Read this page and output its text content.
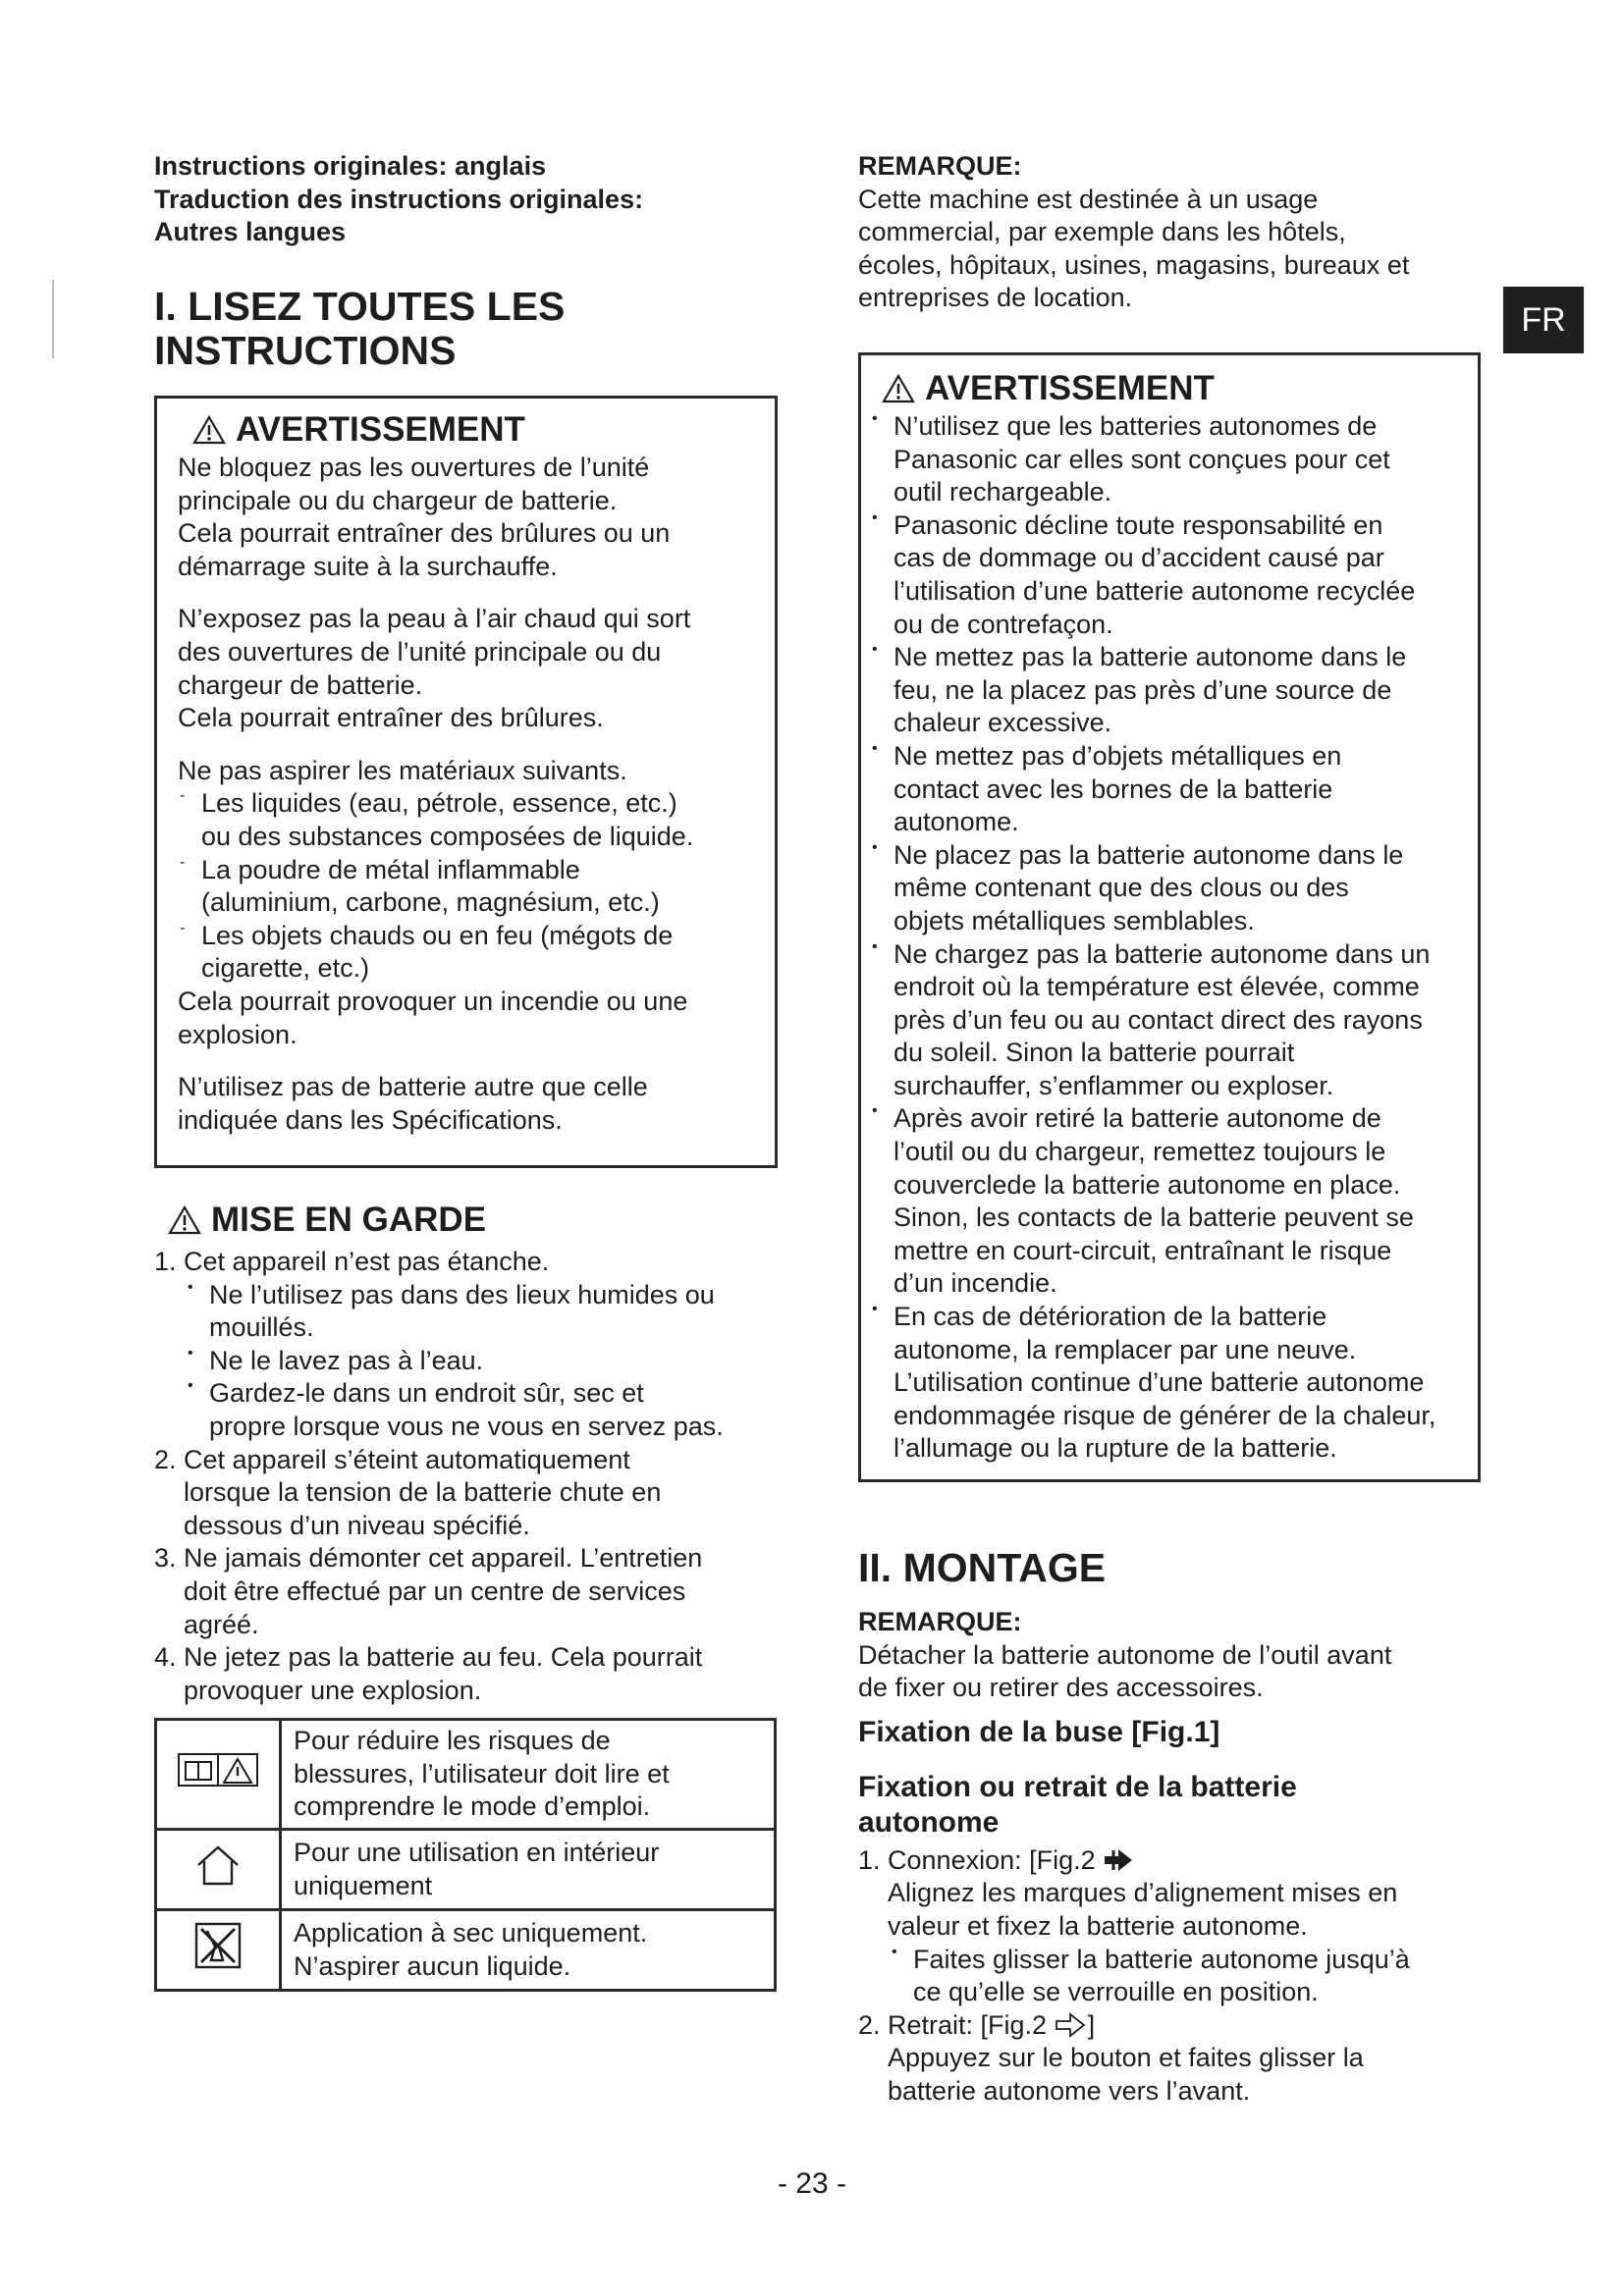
FR

Instructions originales: anglais

Traduction des instructions originales:

Autres langues

I. LISEZ TOUTES LES

INSTRUCTIONS

AVERTISSEMENT

Ne bloquez pas les ouvertures de l’unité

principale ou du chargeur de batterie.

Cela pourrait entraîner des brûlures ou un

démarrage suite à la surchauffe.

N’exposez pas la peau à l’air chaud qui sort

des ouvertures de l’unité principale ou du

chargeur de batterie.

Cela pourrait entraîner des brûlures.

Ne pas aspirer les matériaux suivants.

- Les liquides (eau, pétrole, essence, etc.)

ou des substances composées de liquide.

- La poudre de métal inflammable

(aluminium, carbone, magnésium, etc.)

- Les objets chauds ou en feu (mégots de

cigarette, etc.)

Cela pourrait provoquer un incendie ou une

explosion.

N’utilisez pas de batterie autre que celle

indiquée dans les Spécifications.

MISE EN GARDE
1. Cet appareil n’est pas étanche.

• Ne l’utilisez pas dans des lieux humides ou

mouillés.

• Ne le lavez pas à l’eau.

• Gardez-le dans un endroit sûr, sec et

propre lorsque vous ne vous en servez pas.

2. Cet appareil s’éteint automatiquement

lorsque la tension de la batterie chute en

dessous d’un niveau spécifié.

3. Ne jamais démonter cet appareil. L’entretien

doit être effectué par un centre de services

agréé.

4. Ne jetez pas la batterie au feu. Cela pourrait

provoquer une explosion.

Pour réduire les risques de

blessures, l’utilisateur doit lire et

comprendre le mode d’emploi.

Pour une utilisation en intérieur

uniquement

Application à sec uniquement.

N’aspirer aucun liquide.

REMARQUE:

Cette machine est destinée à un usage

commercial, par exemple dans les hôtels,

écoles, hôpitaux, usines, magasins, bureaux et

entreprises de location.

AVERTISSEMENT

• N’utilisez que les batteries autonomes de

Panasonic car elles sont conçues pour cet

outil rechargeable.

• Panasonic décline toute responsabilité en

cas de dommage ou d’accident causé par

l’utilisation d’une batterie autonome recyclée

ou de contrefaçon.

• Ne mettez pas la batterie autonome dans le

feu, ne la placez pas près d’une source de

chaleur excessive.

• Ne mettez pas d’objets métalliques en

contact avec les bornes de la batterie

autonome.

• Ne placez pas la batterie autonome dans le

même contenant que des clous ou des

objets métalliques semblables.

• Ne chargez pas la batterie autonome dans un

endroit où la température est élevée, comme

près d’un feu ou au contact direct des rayons

du soleil. Sinon la batterie pourrait

surchauffer, s’enflammer ou exploser.

• Après avoir retiré la batterie autonome de

l’outil ou du chargeur, remettez toujours le

couverclede la batterie autonome en place.

Sinon, les contacts de la batterie peuvent se

mettre en court-circuit, entraînant le risque

d’un incendie.

• En cas de détérioration de la batterie

autonome, la remplacer par une neuve.

L’utilisation continue d’une batterie autonome

endommagée risque de générer de la chaleur,

l’allumage ou la rupture de la batterie.

II. MONTAGE

REMARQUE:

Détacher la batterie autonome de l’outil avant

de fixer ou retirer des accessoires.

Fixation de la buse [Fig.1]

Fixation ou retrait de la batterie

autonome

1. Connexion: [Fig.2

Alignez les marques d’alignement mises en

valeur et fixez la batterie autonome.

• Faites glisser la batterie autonome jusqu’à

ce qu’elle se verrouille en position.

2. Retrait: [Fig.2 ]

Appuyez sur le bouton et faites glisser la

batterie autonome vers l’avant.

- 23 -
